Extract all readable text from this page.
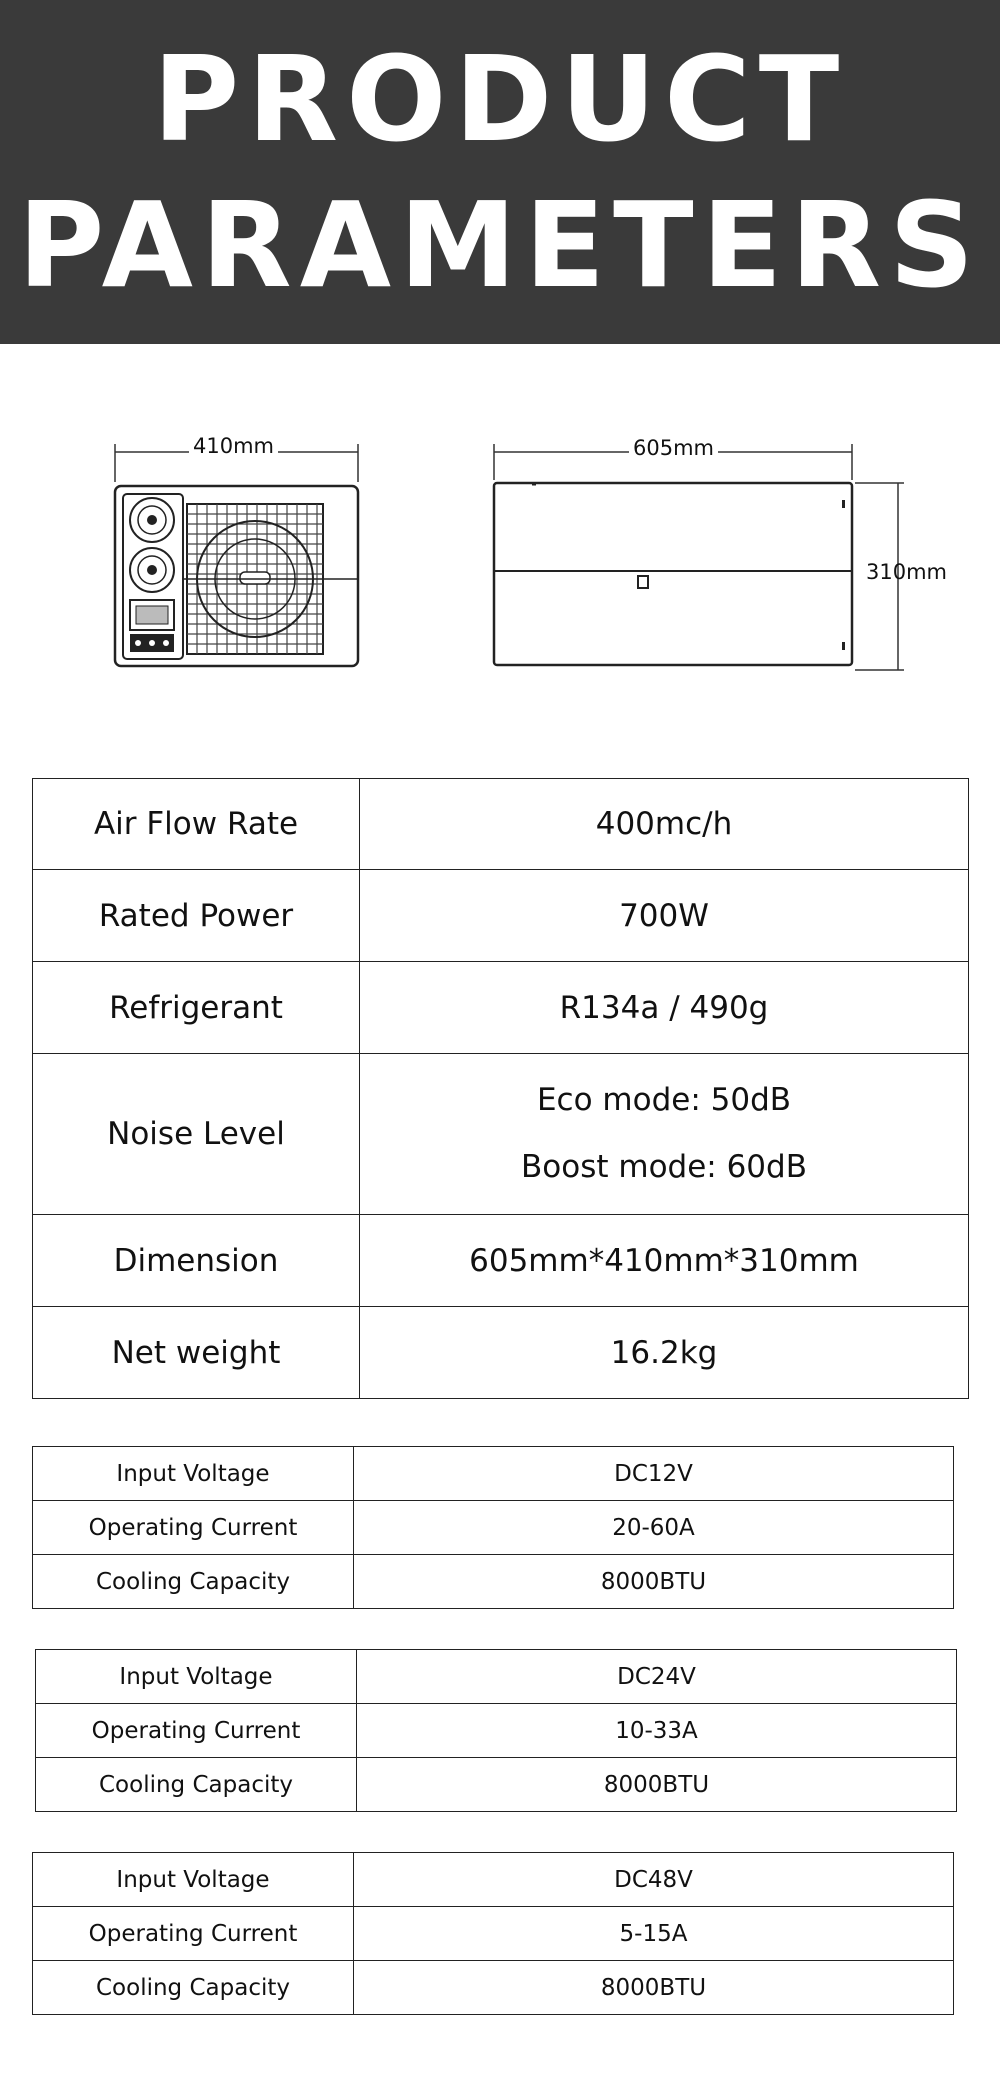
PRODUCT
PARAMETERS
410mm	605mm
310mm
Air Flow Rate	400mc/h
Rated Power	700W
Refrigerant	R134a / 490g
Noise Level	Eco mode: 50dB
Boost mode: 60dB

Dimension	605mm*410mm*310mm
Net weight	16.2kg
Input Voltage	DC12V
Operating Current	20-60A
Cooling Capacity	8000BTU
Input Voltage	DC24V
Operating Current	10-33A
Cooling Capacity	8000BTU
Input Voltage	DC48V
Operating Current	5-15A
Cooling Capacity	8000BTU
